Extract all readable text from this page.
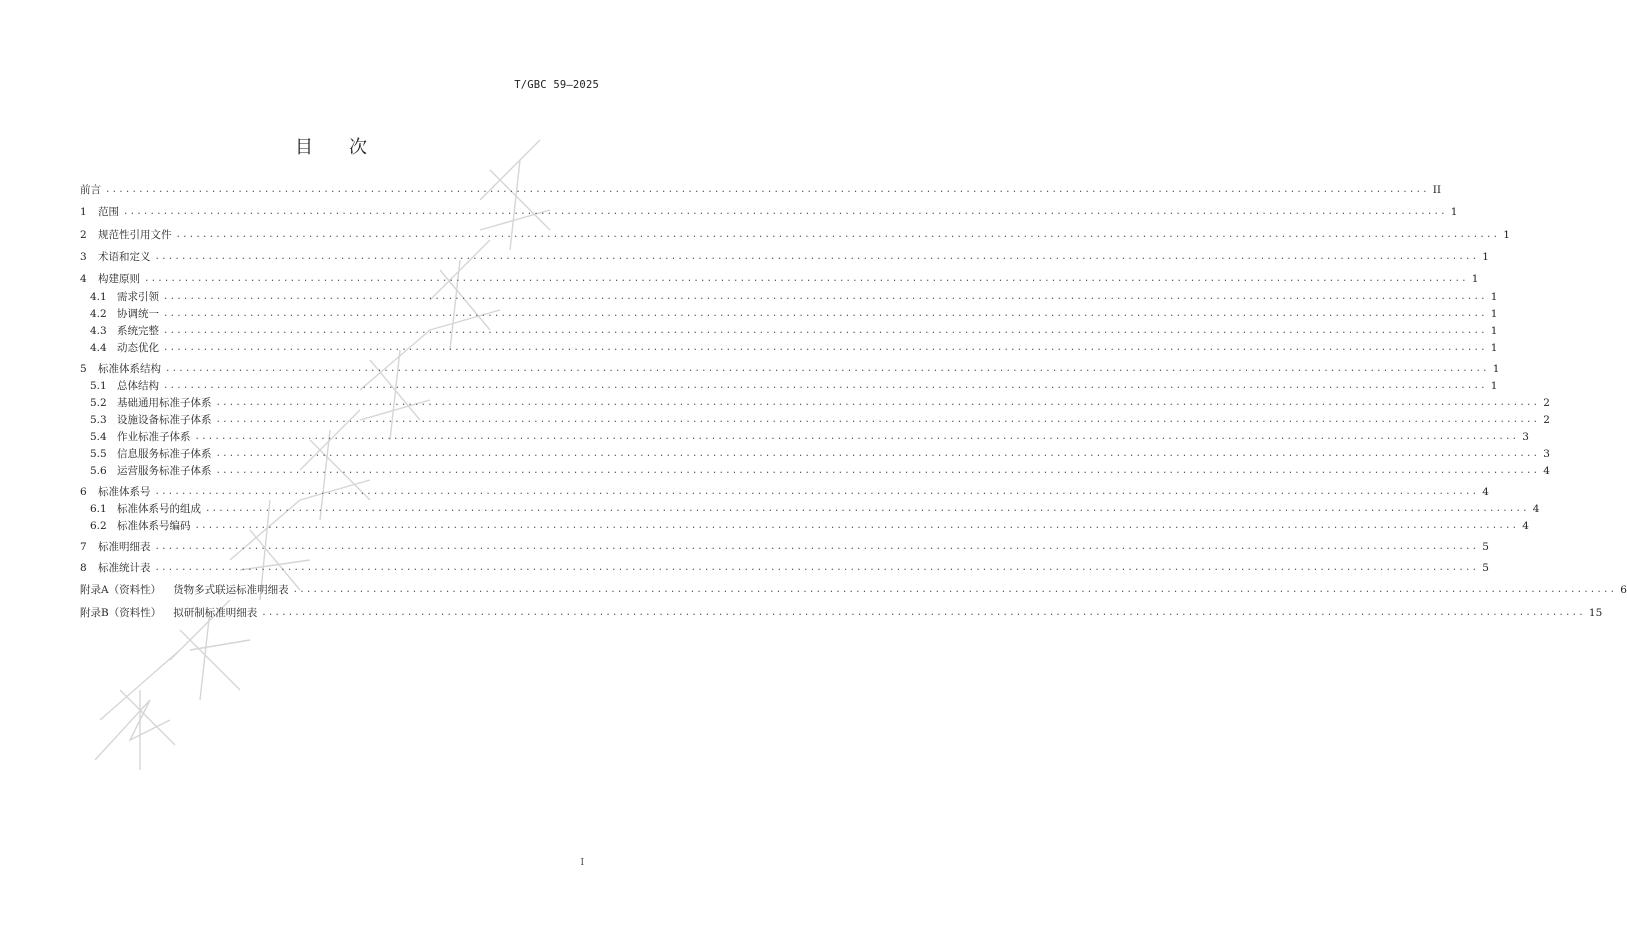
T/GBC 59—2025
目次
前言 ........................................................................................................................................................................................................ II
1	范围 ........................................................................................................................................................................................................ 1
2	规范性引用文件 ........................................................................................................................................................................................................ 1
3	术语和定义 ........................................................................................................................................................................................................ 1
4	构建原则 ........................................................................................................................................................................................................ 1
4.1 需求引领 ........................................................................................................................................................................................................ 1
4.2 协调统一 ........................................................................................................................................................................................................ 1
4.3 系统完整 ........................................................................................................................................................................................................ 1
4.4 动态优化 ........................................................................................................................................................................................................ 1
5	标准体系结构 ........................................................................................................................................................................................................ 1
5.1 总体结构 ........................................................................................................................................................................................................ 1
5.2 基础通用标准子体系 ........................................................................................................................................................................................................ 2
5.3 设施设备标准子体系 ........................................................................................................................................................................................................ 2
5.4 作业标准子体系 ........................................................................................................................................................................................................ 3
5.5 信息服务标准子体系 ........................................................................................................................................................................................................ 3
5.6 运营服务标准子体系 ........................................................................................................................................................................................................ 4
6	标准体系号 ........................................................................................................................................................................................................ 4
6.1 标准体系号的组成 ........................................................................................................................................................................................................ 4
6.2 标准体系号编码 ........................................................................................................................................................................................................ 4
7	标准明细表 ........................................................................................................................................................................................................ 5
8	标准统计表 ........................................................................................................................................................................................................ 5
附录A（资料性） 货物多式联运标准明细表 ........................................................................................................................................................................................................ 6
附录B（资料性） 拟研制标准明细表 ........................................................................................................................................................................................................ 15
I
